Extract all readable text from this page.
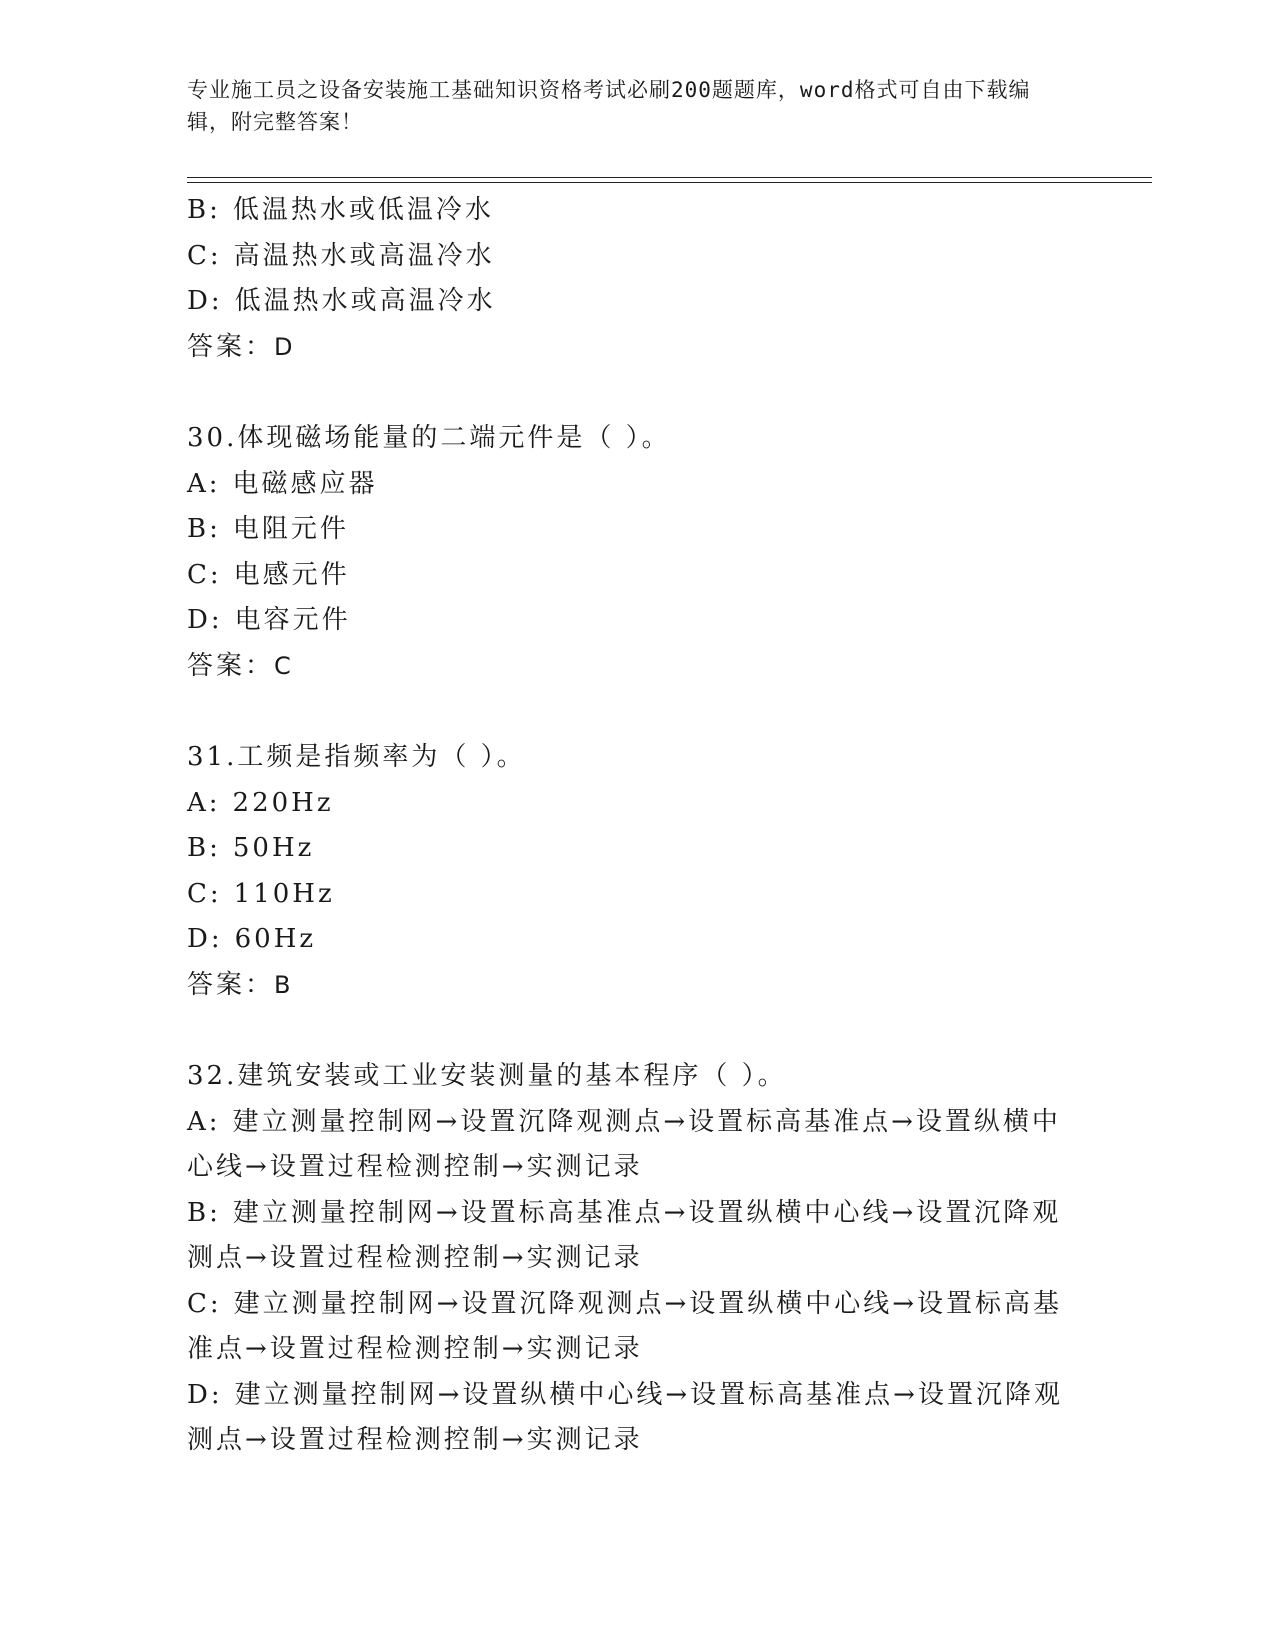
专业施工员之设备安装施工基础知识资格考试必刷200题题库，word格式可自由下载编辑，附完整答案！
B: 低温热水或低温冷水
C: 高温热水或高温冷水
D: 低温热水或高温冷水
答案：D
30.体现磁场能量的二端元件是（ ）。
A: 电磁感应器
B: 电阻元件
C: 电感元件
D: 电容元件
答案：C
31.工频是指频率为（ ）。
A: 220Hz
B: 50Hz
C: 110Hz
D: 60Hz
答案：B
32.建筑安装或工业安装测量的基本程序（ ）。
A: 建立测量控制网→设置沉降观测点→设置标高基准点→设置纵横中心线→设置过程检测控制→实测记录
B: 建立测量控制网→设置标高基准点→设置纵横中心线→设置沉降观测点→设置过程检测控制→实测记录
C: 建立测量控制网→设置沉降观测点→设置纵横中心线→设置标高基准点→设置过程检测控制→实测记录
D: 建立测量控制网→设置纵横中心线→设置标高基准点→设置沉降观测点→设置过程检测控制→实测记录
